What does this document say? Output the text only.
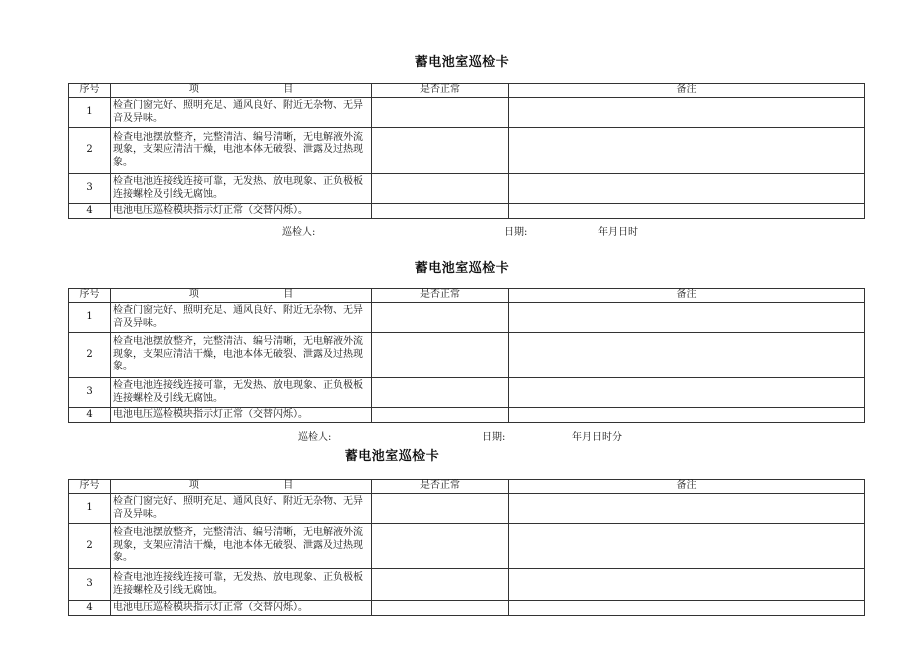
蓄电池室巡检卡
序号	项 目	是否正常	备注
1	检查门窗完好、照明充足、通风良好、附近无杂物、无异音及异味。		
2	检查电池摆放整齐，完整清洁、编号清晰，无电解液外流现象，支架应清洁干燥，电池本体无破裂、泄露及过热现象。		
3	检查电池连接线连接可靠，无发热、放电现象、正负极板连接螺栓及引线无腐蚀。		
4	电池电压巡检模块指示灯正常（交替闪烁）。		
巡检人:	日期:	年月日时
蓄电池室巡检卡
序号	项 目	是否正常	备注
1	检查门窗完好、照明充足、通风良好、附近无杂物、无异音及异味。		
2	检查电池摆放整齐，完整清洁、编号清晰，无电解液外流现象，支架应清洁干燥，电池本体无破裂、泄露及过热现象。		
3	检查电池连接线连接可靠，无发热、放电现象、正负极板连接螺栓及引线无腐蚀。		
4	电池电压巡检模块指示灯正常（交替闪烁）。		
巡检人:	日期:	年月日时分
蓄电池室巡检卡
序号	项 目	是否正常	备注
1	检查门窗完好、照明充足、通风良好、附近无杂物、无异音及异味。		
2	检查电池摆放整齐，完整清洁、编号清晰，无电解液外流现象，支架应清洁干燥，电池本体无破裂、泄露及过热现象。		
3	检查电池连接线连接可靠，无发热、放电现象、正负极板连接螺栓及引线无腐蚀。		
4	电池电压巡检模块指示灯正常（交替闪烁）。		
